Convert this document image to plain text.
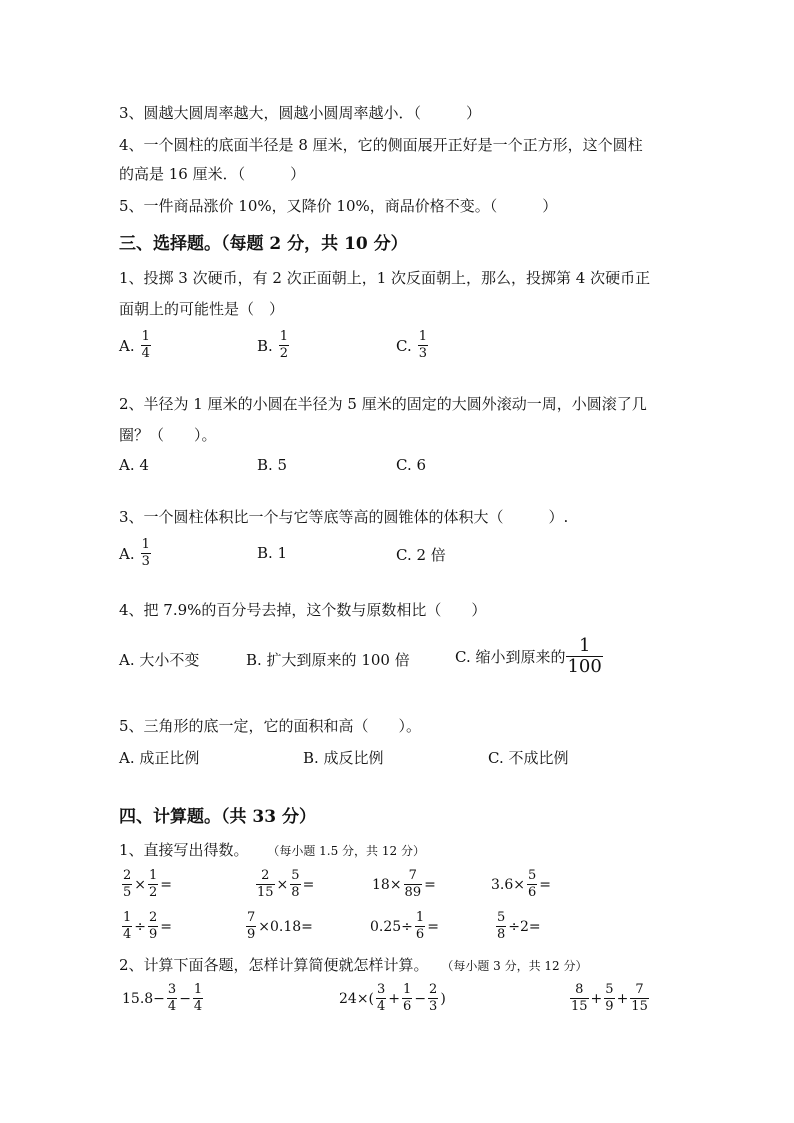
3、圆越大圆周率越大，圆越小圆周率越小．（　　　）
4、一个圆柱的底面半径是 8 厘米，它的侧面展开正好是一个正方形，这个圆柱
的高是 16 厘米．（　　　）
5、一件商品涨价 10%，又降价 10%，商品价格不变。（　　　）
三、选择题。（每题 2 分，共 10 分）
1、投掷 3 次硬币，有 2 次正面朝上，1 次反面朝上，那么，投掷第 4 次硬币正
面朝上的可能性是（　）
A. $\frac{1}{4}$	B. $\frac{1}{2}$	C. $\frac{1}{3}$
2、半径为 1 厘米的小圆在半径为 5 厘米的固定的大圆外滚动一周，小圆滚了几
圈？（　　）。
A. 4	B. 5	C. 6
3、一个圆柱体积比一个与它等底等高的圆锥体的体积大（　　　）.
A. $\frac{1}{3}$	B. 1	C. 2 倍
4、把 7.9%的百分号去掉，这个数与原数相比（　　）
A. 大小不变	B. 扩大到原来的 100 倍	C. 缩小到原来的 $\frac{1}{100}$
5、三角形的底一定，它的面积和高（　　）。
A. 成正比例	B. 成反比例	C. 不成比例
四、计算题。（共 33 分）
1、直接写出得数。 （每小题 1.5 分，共 12 分）
$\frac{2}{5} \times \frac{1}{2}$ =	$\frac{2}{15} \times \frac{5}{8}$ =	$18\times \frac{7}{89}$ =	$3.6\times \frac{5}{6}$ =
$\frac{1}{4} \div \frac{2}{9}$ =	$\frac{7}{9} \times 0.18=$	$0.25\div \frac{1}{6}$ =	$\frac{5}{8} \div 2=$
2、计算下面各题，怎样计算简便就怎样计算。 （每小题 3 分，共 12 分）
$15.8- \frac{3}{4} - \frac{1}{4}$	$24\times( \frac{3}{4} + \frac{1}{6} - \frac{2}{3}$ )	$\frac{8}{15} + \frac{5}{9} + \frac{7}{15}$
